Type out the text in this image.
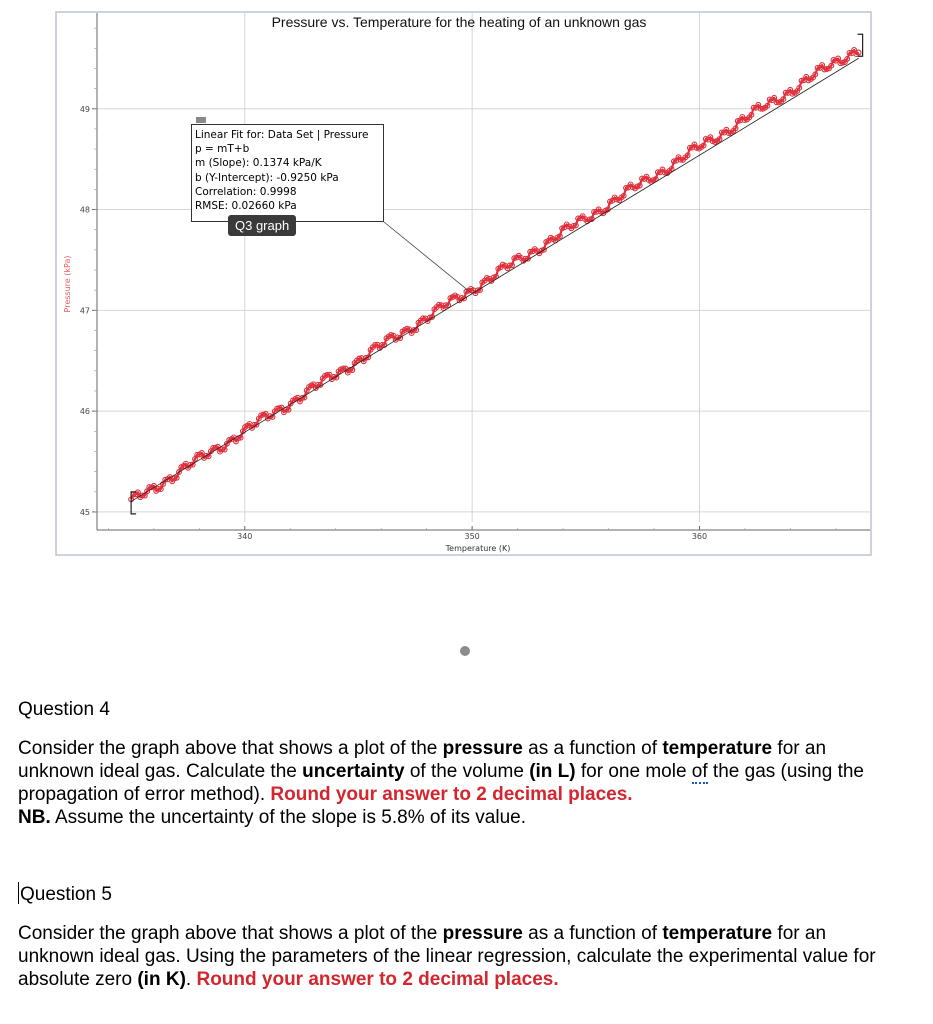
Pressure vs. Temperature for the heating of an unknown gas
45
46
47
48
49
340	350	360
Temperature (K)
Pressure (kPa)
Linear Fit for: Data Set | Pressure
p = mT+b
m (Slope): 0.1374 kPa/K
b (Y-Intercept): -0.9250 kPa
Correlation: 0.9998
RMSE: 0.02660 kPa
Q3 graph
Question 4
Consider the graph above that shows a plot of the pressure as a function of temperature for an unknown ideal gas. Calculate the uncertainty of the volume (in L) for one mole of the gas (using the propagation of error method). Round your answer to 2 decimal places.
NB. Assume the uncertainty of the slope is 5.8% of its value.
Question 5
Consider the graph above that shows a plot of the pressure as a function of temperature for an unknown ideal gas. Using the parameters of the linear regression, calculate the experimental value for absolute zero (in K). Round your answer to 2 decimal places.
